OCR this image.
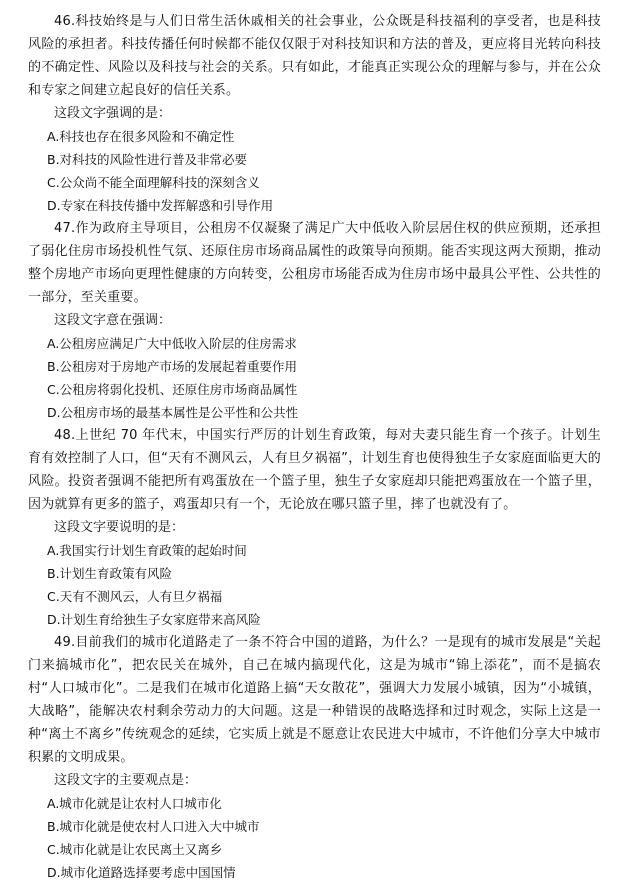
46.科技始终是与人们日常生活休戚相关的社会事业，公众既是科技福利的享受者，也是科技风险的承担者。科技传播任何时候都不能仅仅限于对科技知识和方法的普及，更应将目光转向科技的不确定性、风险以及科技与社会的关系。只有如此，才能真正实现公众的理解与参与，并在公众和专家之间建立起良好的信任关系。

这段文字强调的是：

A.科技也存在很多风险和不确定性
B.对科技的风险性进行普及非常必要
C.公众尚不能全面理解科技的深刻含义
D.专家在科技传播中发挥解惑和引导作用

47.作为政府主导项目，公租房不仅凝聚了满足广大中低收入阶层居住权的供应预期，还承担了弱化住房市场投机性气氛、还原住房市场商品属性的政策导向预期。能否实现这两大预期，推动整个房地产市场向更理性健康的方向转变，公租房市场能否成为住房市场中最具公平性、公共性的一部分，至关重要。

这段文字意在强调：

A.公租房应满足广大中低收入阶层的住房需求
B.公租房对于房地产市场的发展起着重要作用
C.公租房将弱化投机、还原住房市场商品属性
D.公租房市场的最基本属性是公平性和公共性

48.上世纪 70 年代末，中国实行严厉的计划生育政策，每对夫妻只能生育一个孩子。计划生育有效控制了人口，但“天有不测风云，人有旦夕祸福”，计划生育也使得独生子女家庭面临更大的风险。投资者强调不能把所有鸡蛋放在一个篮子里，独生子女家庭却只能把鸡蛋放在一个篮子里，因为就算有更多的篮子，鸡蛋却只有一个，无论放在哪只篮子里，摔了也就没有了。

这段文字要说明的是：

A.我国实行计划生育政策的起始时间
B.计划生育政策有风险
C.天有不测风云，人有旦夕祸福
D.计划生育给独生子女家庭带来高风险

49.目前我们的城市化道路走了一条不符合中国的道路，为什么？一是现有的城市发展是“关起门来搞城市化”，把农民关在城外，自己在城内搞现代化，这是为城市“锦上添花”，而不是搞农村“人口城市化”。二是我们在城市化道路上搞“天女散花”，强调大力发展小城镇，因为“小城镇，大战略”，能解决农村剩余劳动力的大问题。这是一种错误的战略选择和过时观念，实际上这是一种“离土不离乡”传统观念的延续，它实质上就是不愿意让农民进大中城市，不许他们分享大中城市积累的文明成果。

这段文字的主要观点是：

A.城市化就是让农村人口城市化
B.城市化就是使农村人口进入大中城市
C.城市化就是让农民离土又离乡
D.城市化道路选择要考虑中国国情
